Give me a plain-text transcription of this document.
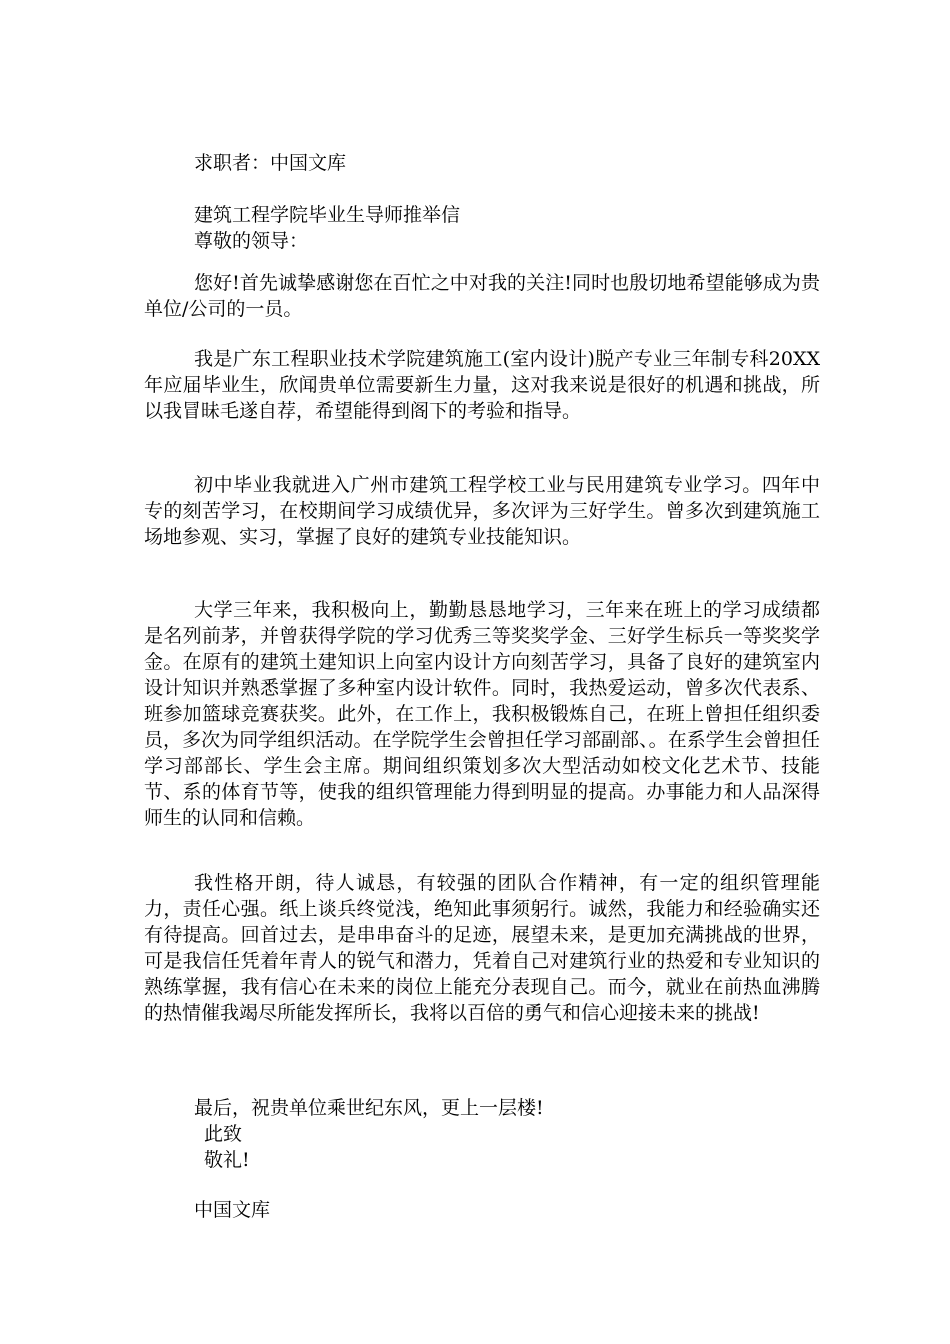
求职者：中国文库

建筑工程学院毕业生导师推举信

尊敬的领导：

您好!首先诚挚感谢您在百忙之中对我的关注!同时也殷切地希望能够成为贵单位/公司的一员。

我是广东工程职业技术学院建筑施工(室内设计)脱产专业三年制专科20XX年应届毕业生，欣闻贵单位需要新生力量，这对我来说是很好的机遇和挑战，所以我冒昧毛遂自荐，希望能得到阁下的考验和指导。

初中毕业我就进入广州市建筑工程学校工业与民用建筑专业学习。四年中专的刻苦学习，在校期间学习成绩优异，多次评为三好学生。曾多次到建筑施工场地参观、实习，掌握了良好的建筑专业技能知识。

大学三年来，我积极向上，勤勤恳恳地学习，三年来在班上的学习成绩都是名列前茅，并曾获得学院的学习优秀三等奖奖学金、三好学生标兵一等奖奖学金。在原有的建筑土建知识上向室内设计方向刻苦学习，具备了良好的建筑室内设计知识并熟悉掌握了多种室内设计软件。同时，我热爱运动，曾多次代表系、班参加篮球竞赛获奖。此外，在工作上，我积极锻炼自己，在班上曾担任组织委员，多次为同学组织活动。在学院学生会曾担任学习部副部、。在系学生会曾担任学习部部长、学生会主席。期间组织策划多次大型活动如校文化艺术节、技能节、系的体育节等，使我的组织管理能力得到明显的提高。办事能力和人品深得师生的认同和信赖。

我性格开朗，待人诚恳，有较强的团队合作精神，有一定的组织管理能力，责任心强。纸上谈兵终觉浅，绝知此事须躬行。诚然，我能力和经验确实还有待提高。回首过去，是串串奋斗的足迹，展望未来，是更加充满挑战的世界，可是我信任凭着年青人的锐气和潜力，凭着自己对建筑行业的热爱和专业知识的熟练掌握，我有信心在未来的岗位上能充分表现自己。而今，就业在前热血沸腾的热情催我竭尽所能发挥所长，我将以百倍的勇气和信心迎接未来的挑战!

最后，祝贵单位乘世纪东风，更上一层楼!

此致

敬礼!

中国文库
